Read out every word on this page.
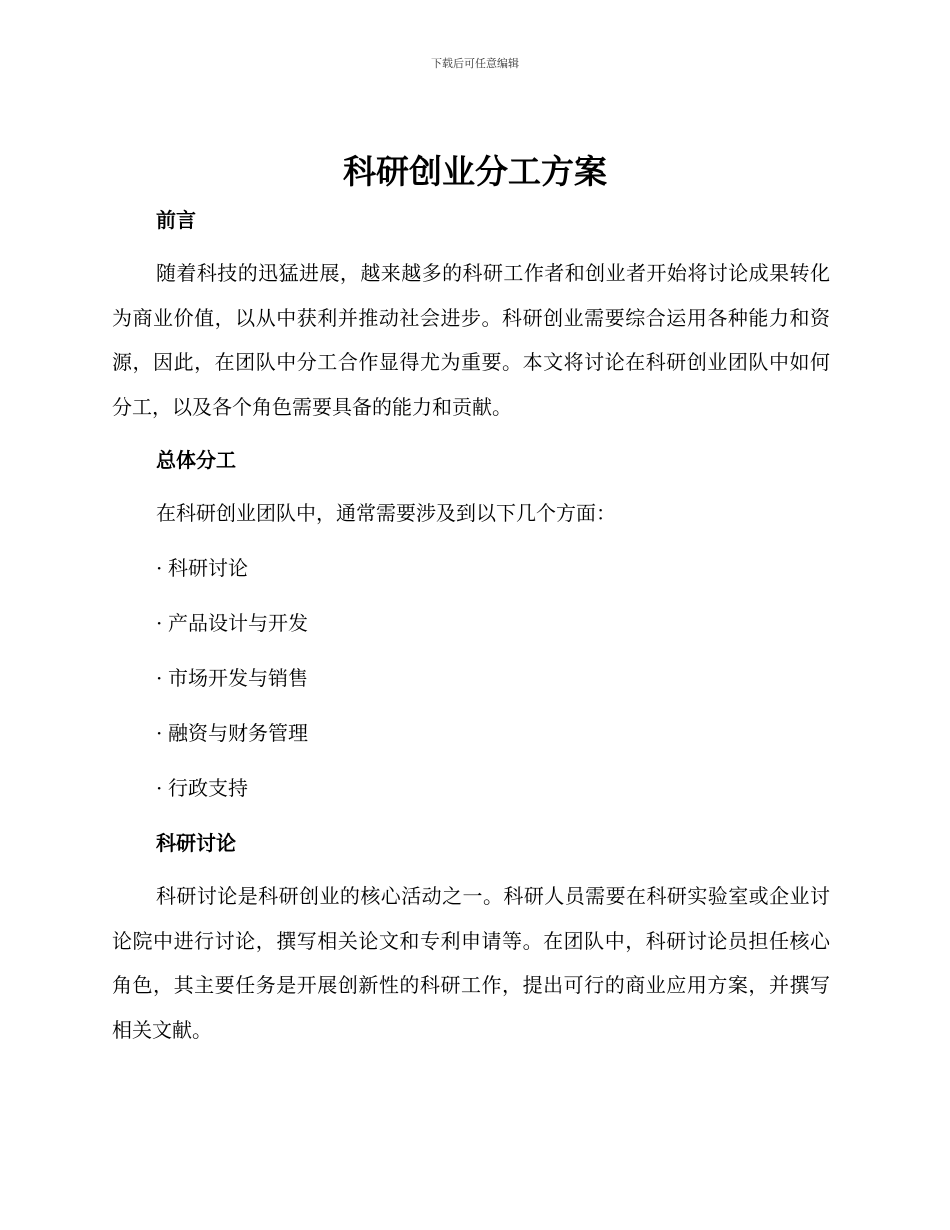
下载后可任意编辑
科研创业分工方案
前言

随着科技的迅猛进展，越来越多的科研工作者和创业者开始将讨论成果转化为商业价值，以从中获利并推动社会进步。科研创业需要综合运用各种能力和资源，因此，在团队中分工合作显得尤为重要。本文将讨论在科研创业团队中如何分工，以及各个角色需要具备的能力和贡献。

总体分工

在科研创业团队中，通常需要涉及到以下几个方面：

· 科研讨论
· 产品设计与开发
· 市场开发与销售
· 融资与财务管理
· 行政支持
科研讨论

科研讨论是科研创业的核心活动之一。科研人员需要在科研实验室或企业讨论院中进行讨论，撰写相关论文和专利申请等。在团队中，科研讨论员担任核心角色，其主要任务是开展创新性的科研工作，提出可行的商业应用方案，并撰写相关文献。
